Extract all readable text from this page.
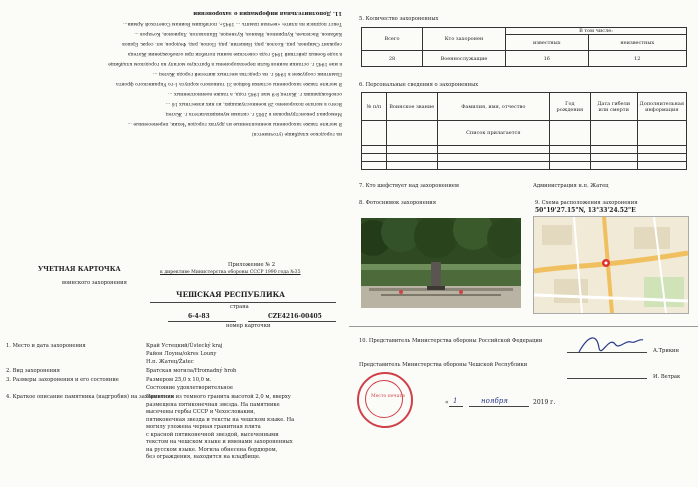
11. Дополнительная информация о захоронении
Текст подписи на плите: «вечная память ... 1945», погибшим Воинам Советской Армии...
Кабанов, Васильев, Куприянов, Иванов, Кузнецов, Шаповалов, Ларионов, Кочаров ...
сержант Смирнов, ряд. Козлов, ряд. Никитин, ряд. Попов, ряд. Федоров, мл. серж. Ершов
в ходе боевых действий 1945 года советские воины погибли при освобождении Жатеца
в мае 1945 г. останки воинов были перезахоронены в братскую могилу на городском кладбище
Памятник сооружен в 1946 г. на средства местных жителей города Жатец ...
В могиле также захоронены останки бойцов 31 танкового корпуса 1-го Украинского фронта
освобождавших г. Жатец 8-9 мая 1945 года, а также военнопленных ...
Всего в могиле похоронено 28 военнослужащих, из них известных 16 ...
Мемориал реконструирован в 2005 г. силами муниципалитета г. Жатец
В могиле также захоронены военнопленные из других городов Чехии, перенесенные ...
на городское кладбище (уточняется)
УЧЕТНАЯ КАРТОЧКА
воинского захоронения
Приложение № 2
к директиве Министерства обороны СССР 1990 года №35
ЧЕШСКАЯ РЕСПУБЛИКА
страна
6-4-83	CZE4216-00405
номер карточки
1. Место и дата захоронения	Край Устецкий/Ústecký kraj
Район Лоуны/okres Louny
Н.п. Жатец/Žatec
2. Вид захоронения	Братская могила/Hromadný hrob
3. Размеры захоронения и его состояние	Размером 25,0 х 10,0 м.
Состояние удовлетворительное
4. Краткое описание памятника (надгробия) на захоронении
Памятник из темного гранита высотой 2,0 м, вверху
размещена пятиконечная звезда. На памятнике
высечены гербы СССР и Чехословакии,
пятиконечная звезда и тексты на чешском языке. На
могилу уложена черная гранитная плита
с красной пятиконечной звездой, высеченными
текстом на чешском языке и именами захороненных
на русском языке. Могила обнесена бордюром,
без ограждения, находится на кладбище.
5. Количество захороненных
Всего	Кто захоронен	В том числе:	
		известных	неизвестных
28	Военнослужащие	16	12
6. Персональные сведения о захороненных
№ п/п	Воинское звание	Фамилия, имя, отчество	Год рождения	Дата гибели или смерти	Дополнительная информация
		Список прилагается			

7. Кто шефствует над захоронением	Администрация н.п. Жатец
8. Фотоснимок захоронения	9. Схема расположения захоронения
50°19'27.15"N, 13°33'24.52"E
10. Представитель Министерства обороны Российской Федерации
А.Трикин
Представитель Министерства обороны Чешской Республики
И. Ветрак
Место печати
« 1	ноября	2019 г.
